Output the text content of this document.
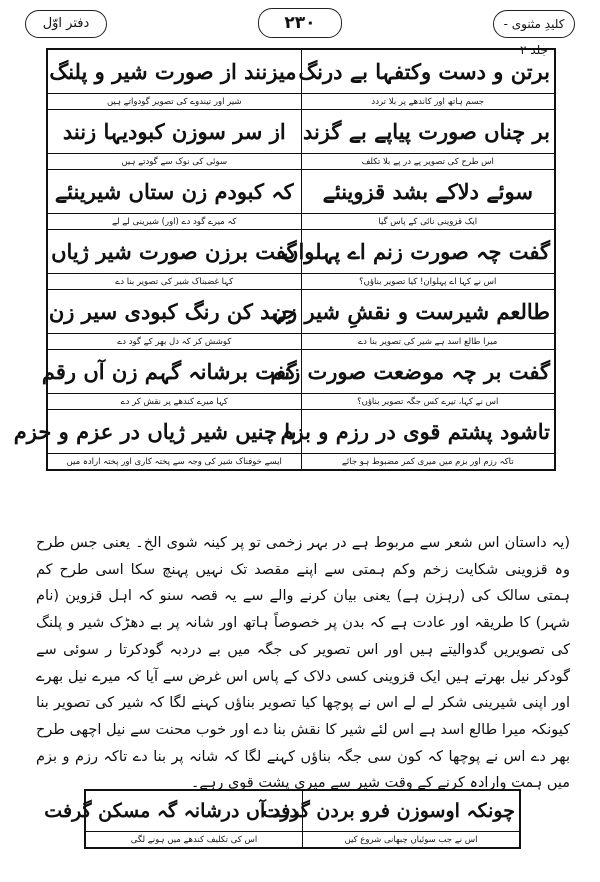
دفتر اوّل	۲۳۰	کلیدِ مثنوی - جلد ۲
میزنند از صورت شیر و پلنگ	برتن و دست وکتفہا بے درنگ
شیر اور تیندوے کی تصویر گودواتے ہیں	جسم ہاتھ اور کاندھے پر بلا تردد
از سر سوزن کبودیہا زنند	بر چناں صورت پیاپے بے گزند
سوئی کی نوک سے گودتے ہیں	اس طرح کی تصویر پے در پے بلا تکلف
کہ کبودم زن ستاں شیرینئے	سوئے دلاکے بشد قزوینئے
کہ میرے گود دے (اور) شیرینی لے لے	ایک قزوینی نائی کے پاس گیا
گفت برزن صورت شیر ژیاں	گفت چہ صورت زنم اے پہلواں
کہا غضبناک شیر کی تصویر بنا دے	اس نے کہا اے پہلوان! کیا تصویر بناؤں؟
جہد کن رنگ کبودی سیر زن	طالعم شیرست و نقشِ شیر زن
کوشش کر کہ دل بھر کے گود دے	میرا طالع اسد ہے شیر کی تصویر بنا دے
گفت برشانہ گہم زن آں رقم	گفت بر چہ موضعت صورت زنم
کہا میرے کندھے پر نقش کر دے	اس نے کہا، تیرے کس جگہ تصویر بناؤں؟
با چنیں شیر ژیاں در عزم و حزم	تاشود پشتم قوی در رزم و بزم
ایسے خوفناک شیر کی وجہ سے پختہ کاری اور پختہ ارادہ میں	تاکہ رزم اور بزم میں میری کمر مضبوط ہو جائے

(یہ داستان اس شعر سے مربوط ہے در بہر زخمی تو پر کینہ شوی الخ۔ یعنی جس طرح وہ قزوینی شکایت زخم وکم ہمتی سے اپنے مقصد تک نہیں پہنچ سکا اسی طرح کم ہمتی سالک کی (رہزن ہے) یعنی بیان کرنے والے سے یہ قصہ سنو کہ اہل قزوین (نام شہر) کا طریقہ اور عادت ہے کہ بدن پر خصوصاً ہاتھ اور شانہ پر بے دھڑک شیر و پلنگ کی تصویریں گدوالیتے ہیں اور اس تصویر کی جگہ میں بے دردبہ گودکرتا ر سوئی سے گودکر نیل بھرتے ہیں ایک قزوینی کسی دلاک کے پاس اس غرض سے آیا کہ میرے نیل بھرے اور اپنی شیرینی شکر لے لے اس نے پوچھا کیا تصویر بناؤں کہنے لگا کہ شیر کی تصویر بنا کیونکہ میرا طالع اسد ہے اس لئے شیر کا نقش بنا دے اور خوب محنت سے نیل اچھی طرح بھر دے اس نے پوچھا کہ کون سی جگہ بناؤں کہنے لگا کہ شانہ پر بنا دے تاکہ رزم و بزم میں ہمت وارادہ کرنے کے وقت شیر سے میری پشت قوی رہے۔

درد آں درشانہ گہ مسکن گرفت	چونکہ اوسوزن فرو بردن گرفت
اس کی تکلیف کندھے میں ہونے لگی	اس نے جب سوئیاں چبھانی شروع کیں
